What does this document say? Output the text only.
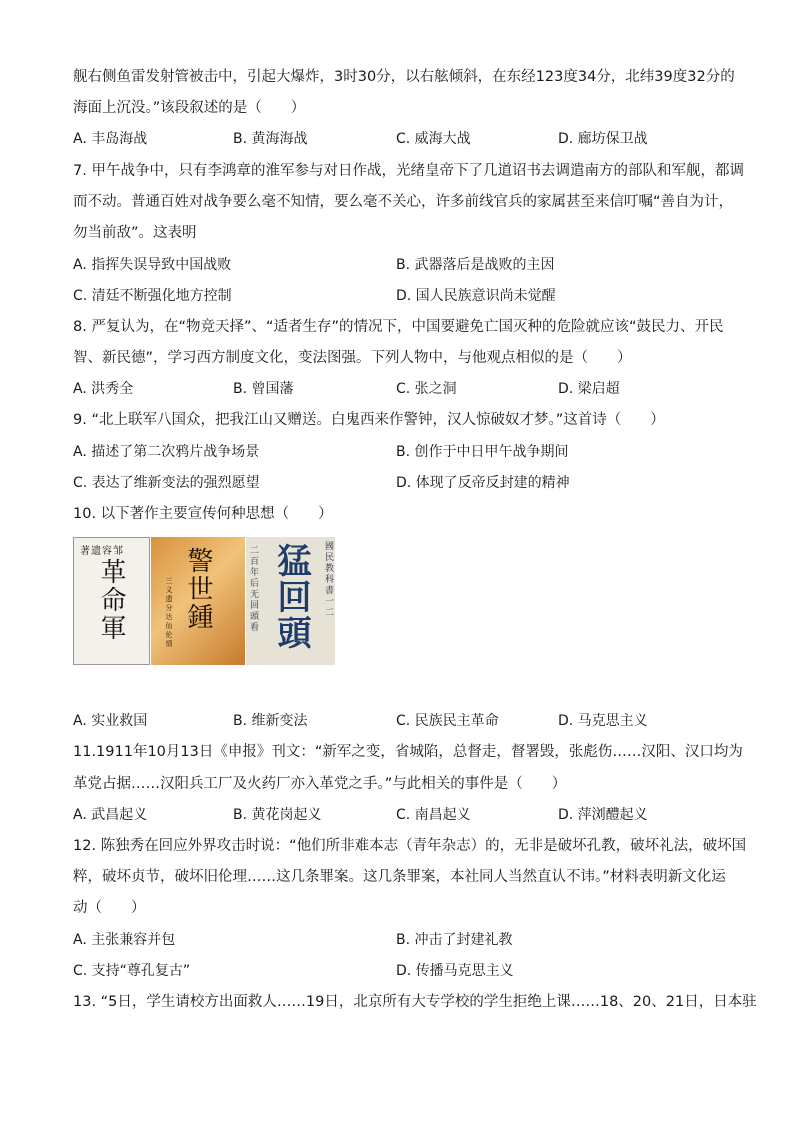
舰右侧鱼雷发射管被击中，引起大爆炸，3时30分，以右舷倾斜，在东经123度34分，北纬39度32分的
海面上沉没。”该段叙述的是（　　）
A. 丰岛海战	B. 黄海海战	C. 威海大战	D. 廊坊保卫战
7. 甲午战争中，只有李鸿章的淮军参与对日作战，光绪皇帝下了几道诏书去调遣南方的部队和军舰，都调
而不动。普通百姓对战争要么毫不知情，要么毫不关心，许多前线官兵的家属甚至来信叮嘱“善自为计，
勿当前敌”。这表明
A. 指挥失误导致中国战败	B. 武器落后是战败的主因
C. 清廷不断强化地方控制	D. 国人民族意识尚未觉醒
8. 严复认为，在“物竞天择”、“适者生存”的情况下，中国要避免亡国灭种的危险就应该“鼓民力、开民
智、新民德”，学习西方制度文化，变法图强。下列人物中，与他观点相似的是（　　）
A. 洪秀全	B. 曾国藩	C. 张之洞	D. 梁启超
9. “北上联军八国众，把我江山又赠送。白鬼西来作警钟，汉人惊破奴才梦。”这首诗（　　）
A. 描述了第二次鸦片战争场景	B. 创作于中日甲午战争期间
C. 表达了维新变法的强烈愿望	D. 体现了反帝反封建的精神
10. 以下著作主要宣传何种思想（　　）
著遗容邹
革命軍 警世鍾
三义遗分达仙伦情	國民教科書一二
二百年后无回頭看 猛回頭
A. 实业救国	B. 维新变法	C. 民族民主革命	D. 马克思主义
11.1911年10月13日《申报》刊文：“新军之变，省城陷，总督走，督署毁，张彪伤……汉阳、汉口均为
革党占据……汉阳兵工厂及火药厂亦入革党之手。”与此相关的事件是（　　）
A. 武昌起义	B. 黄花岗起义	C. 南昌起义	D. 萍浏醴起义
12. 陈独秀在回应外界攻击时说：“他们所非难本志（青年杂志）的，无非是破坏孔教，破坏礼法，破坏国
粹，破坏贞节，破坏旧伦理……这几条罪案。这几条罪案，本社同人当然直认不讳。”材料表明新文化运
动（　　）
A. 主张兼容并包	B. 冲击了封建礼教
C. 支持“尊孔复古”	D. 传播马克思主义
13. “5日，学生请校方出面救人……19日，北京所有大专学校的学生拒绝上课……18、20、21日，日本驻
